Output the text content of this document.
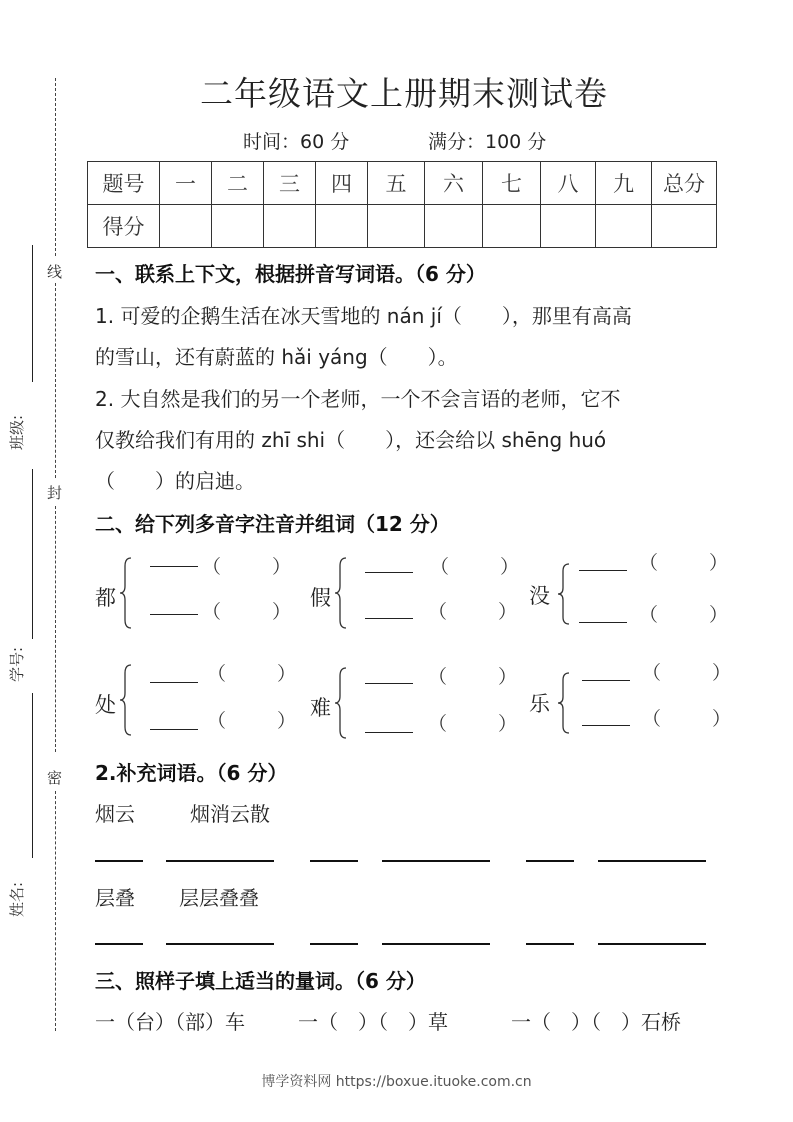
线
封
密
班级:
学号:
姓名:
二年级语文上册期末测试卷
时间：60 分	满分：100 分
题号	一	二	三	四	五	六	七	八	九	总分
得分										
一、联系上下文，根据拼音写词语。（6 分）
1. 可爱的企鹅生活在冰天雪地的 nán jí（　　），那里有高高
的雪山，还有蔚蓝的 hǎi yáng（　　）。
2. 大自然是我们的另一个老师，一个不会言语的老师，它不
仅教给我们有用的 zhī shi（　　），还会给以 shēng huó
（　　）的启迪。
二、给下列多音字注音并组词（12 分）
都
（	）
（	）
假
（	）
（	）
没
（	）
（	）
处
（	）
（	）
难
（	）
（	）
乐
（	）
（	）
2.补充词语。（6 分）
烟云	烟消云散
层叠 层层叠叠
三、照样子填上适当的量词。（6 分）
一（台）（部）车	一（　）（　）草	一（　）（　）石桥
博学资料网 https://boxue.ituoke.com.cn
